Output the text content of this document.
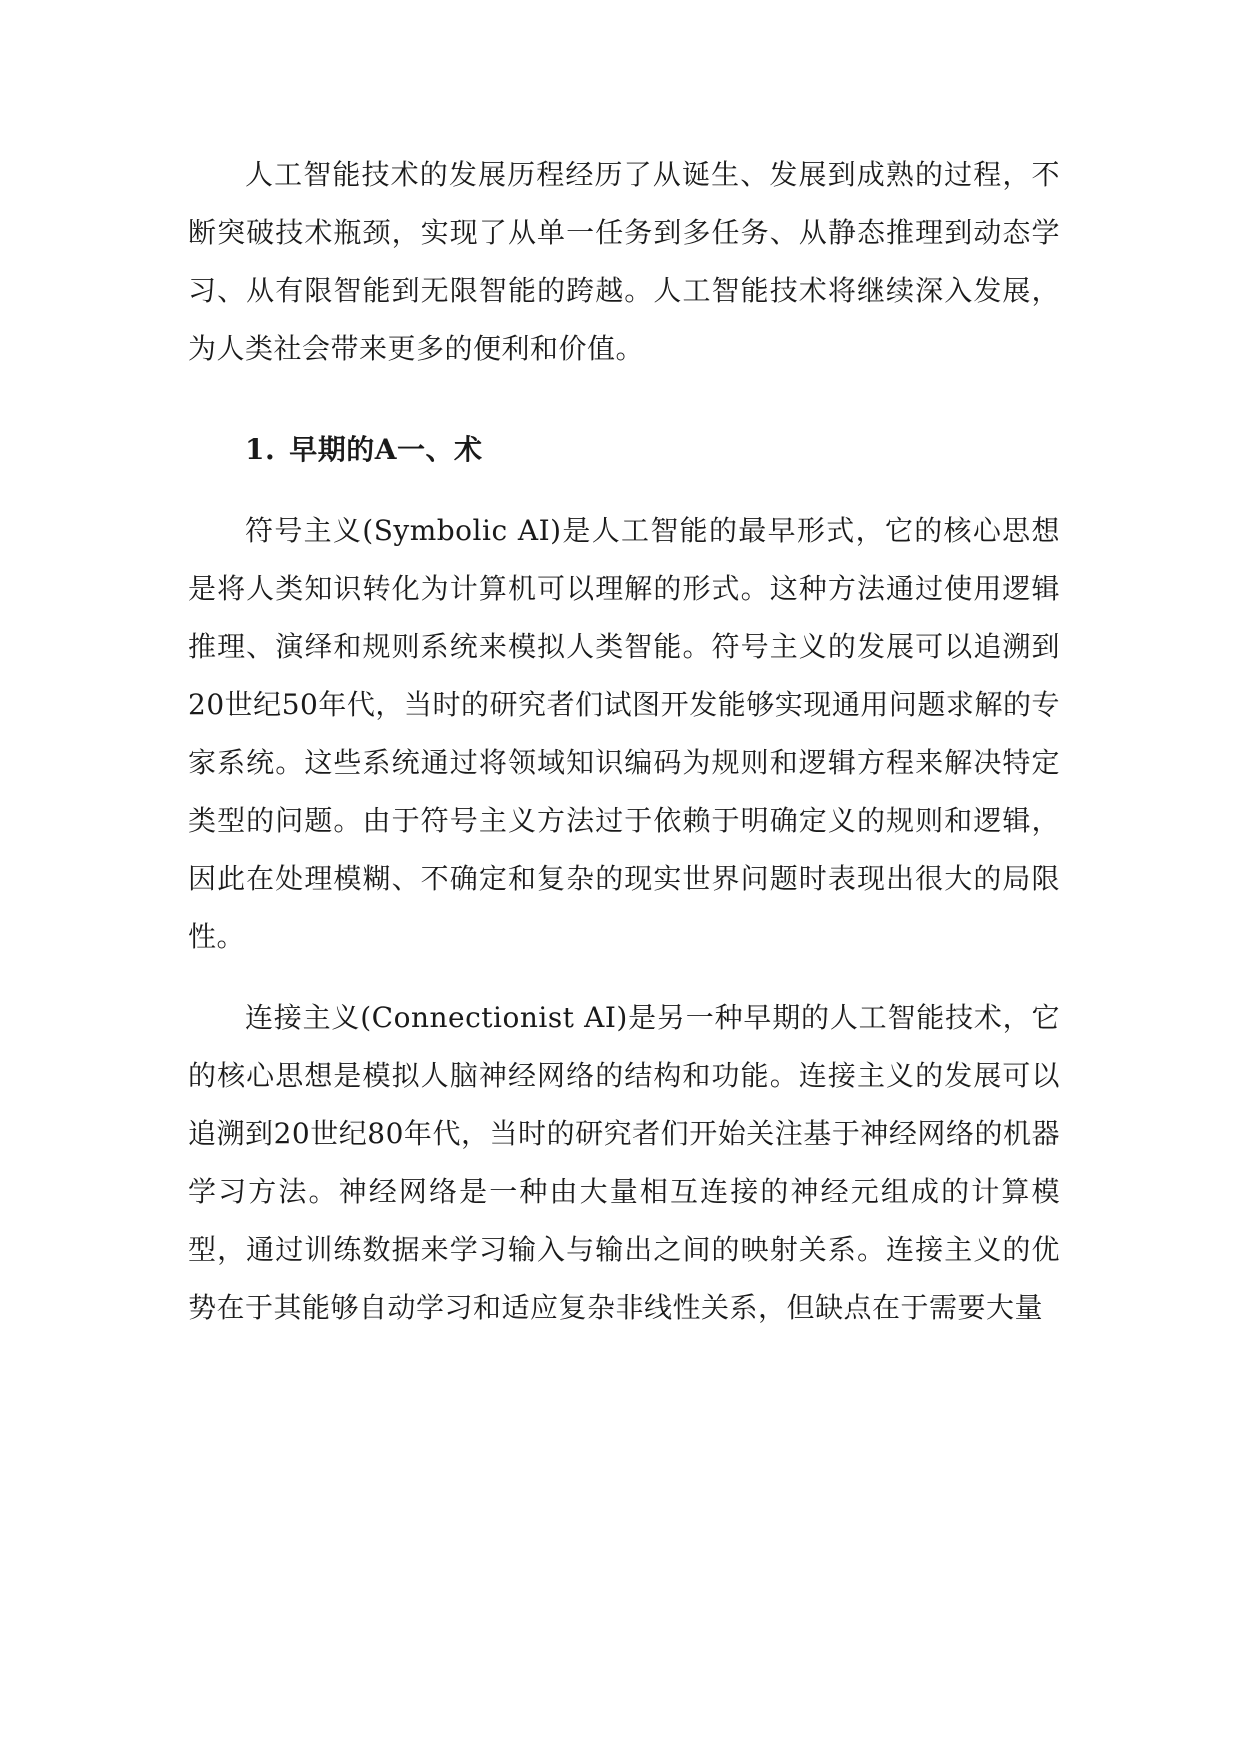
人工智能技术的发展历程经历了从诞生、发展到成熟的过程，不断突破技术瓶颈，实现了从单一任务到多任务、从静态推理到动态学习、从有限智能到无限智能的跨越。人工智能技术将继续深入发展，为人类社会带来更多的便利和价值。

1. 早期的A一、术

符号主义(Symbolic AI)是人工智能的最早形式，它的核心思想是将人类知识转化为计算机可以理解的形式。这种方法通过使用逻辑推理、演绎和规则系统来模拟人类智能。符号主义的发展可以追溯到20世纪50年代，当时的研究者们试图开发能够实现通用问题求解的专家系统。这些系统通过将领域知识编码为规则和逻辑方程来解决特定类型的问题。由于符号主义方法过于依赖于明确定义的规则和逻辑，因此在处理模糊、不确定和复杂的现实世界问题时表现出很大的局限性。

连接主义(Connectionist AI)是另一种早期的人工智能技术，它的核心思想是模拟人脑神经网络的结构和功能。连接主义的发展可以追溯到20世纪80年代，当时的研究者们开始关注基于神经网络的机器学习方法。神经网络是一种由大量相互连接的神经元组成的计算模型，通过训练数据来学习输入与输出之间的映射关系。连接主义的优势在于其能够自动学习和适应复杂非线性关系，但缺点在于需要大量
